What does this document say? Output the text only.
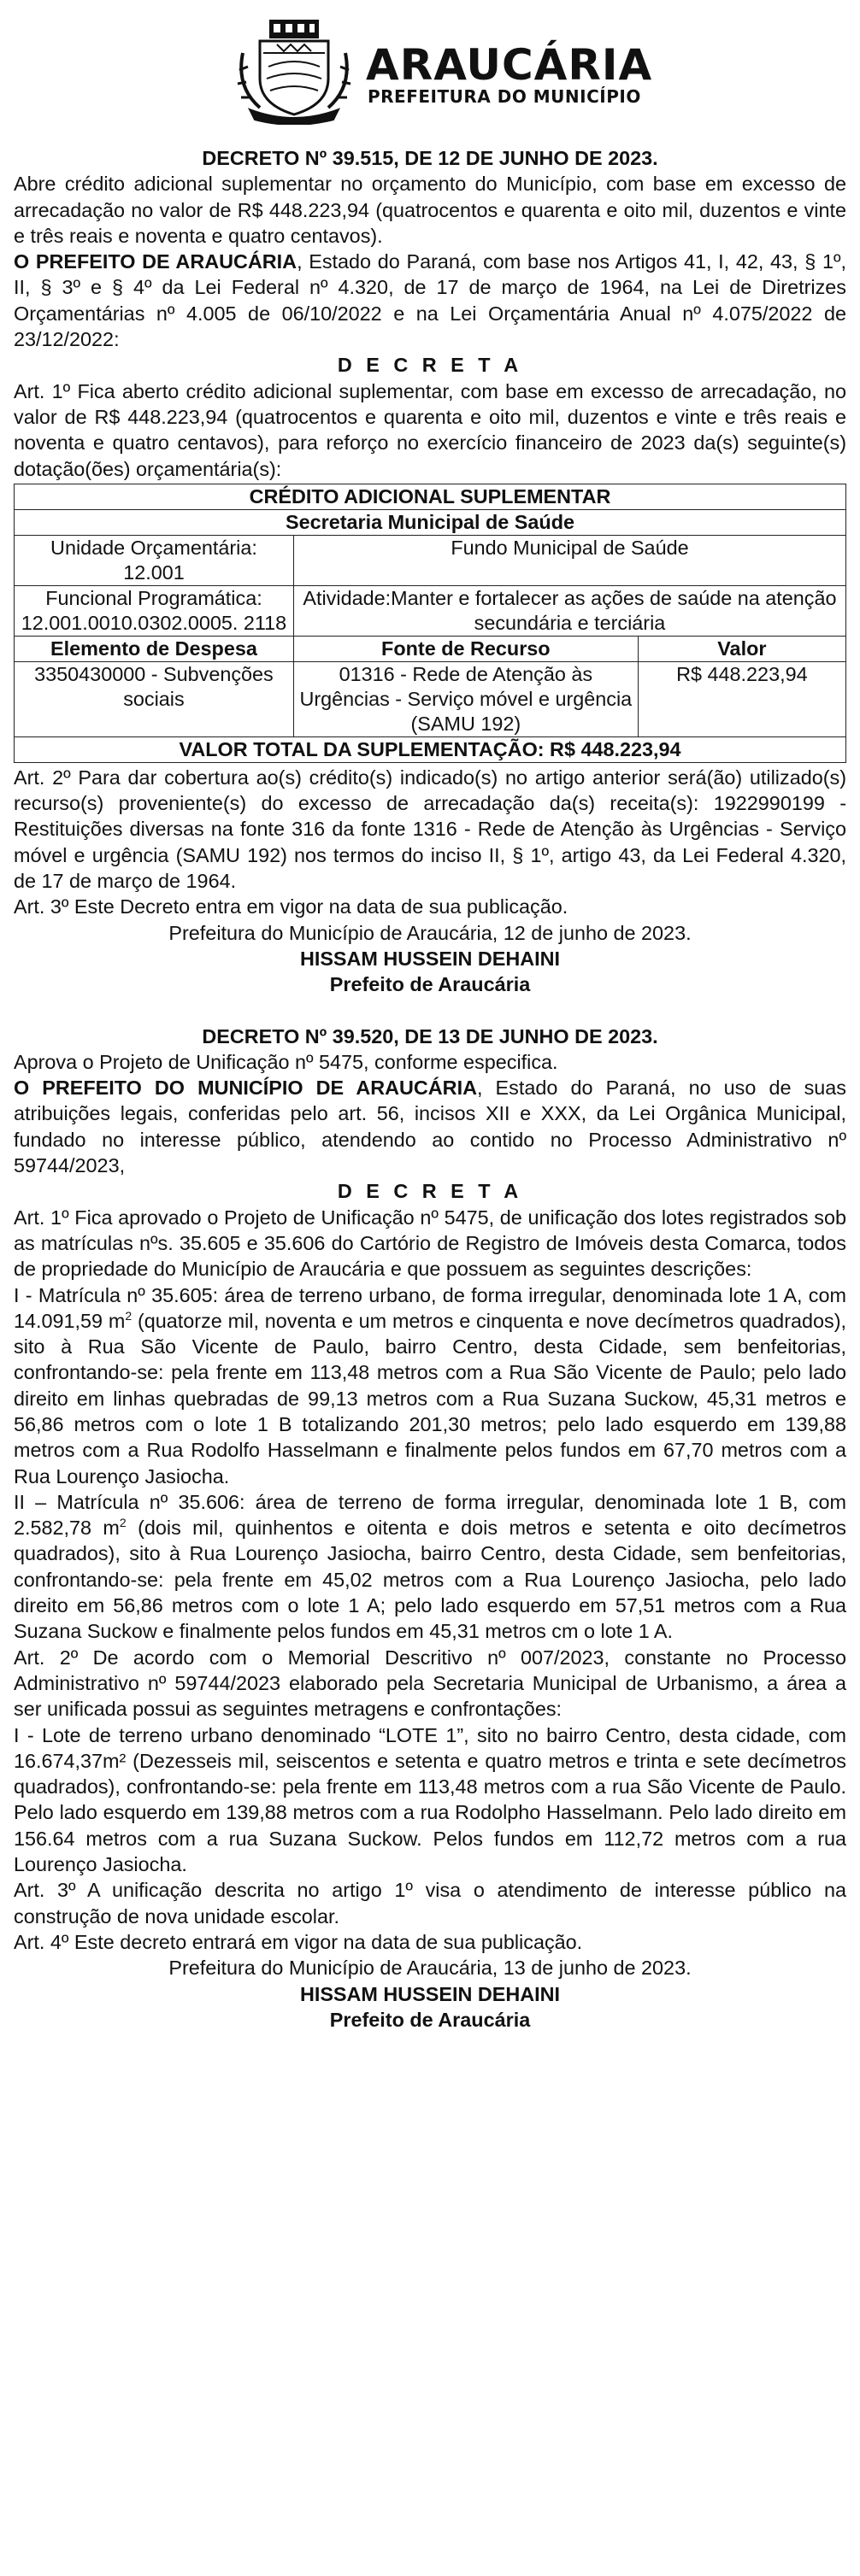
ARAUCÁRIA
PREFEITURA DO MUNICÍPIO

DECRETO Nº 39.515, DE 12 DE JUNHO DE 2023.

Abre crédito adicional suplementar no orçamento do Município, com base em excesso de arrecadação no valor de R$ 448.223,94 (quatrocentos e quarenta e oito mil, duzentos e vinte e três reais e noventa e quatro centavos).

O PREFEITO DE ARAUCÁRIA, Estado do Paraná, com base nos Artigos 41, I, 42, 43, § 1º, II, § 3º e § 4º da Lei Federal nº 4.320, de 17 de março de 1964, na Lei de Diretrizes Orçamentárias nº 4.005 de 06/10/2022 e na Lei Orçamentária Anual nº 4.075/2022 de 23/12/2022:

D E C R E T A

Art. 1º Fica aberto crédito adicional suplementar, com base em excesso de arrecadação, no valor de R$ 448.223,94 (quatrocentos e quarenta e oito mil, duzentos e vinte e três reais e noventa e quatro centavos), para reforço no exercício financeiro de 2023 da(s) seguinte(s) dotação(ões) orçamentária(s):

CRÉDITO ADICIONAL SUPLEMENTAR		
Secretaria Municipal de Saúde		
Unidade Orçamentária: 12.001	Fundo Municipal de Saúde	
Funcional Programática: 12.001.0010.0302.0005. 2118	Atividade:Manter e fortalecer as ações de saúde na atenção secundária e terciária	
Elemento de Despesa	Fonte de Recurso	Valor
3350430000 - Subvenções sociais	01316 - Rede de Atenção às Urgências - Serviço móvel e urgência (SAMU 192)	R$ 448.223,94
VALOR TOTAL DA SUPLEMENTAÇÃO: R$ 448.223,94		

Art. 2º Para dar cobertura ao(s) crédito(s) indicado(s) no artigo anterior será(ão) utilizado(s) recurso(s) proveniente(s) do excesso de arrecadação da(s) receita(s): 1922990199 - Restituições diversas na fonte 316 da fonte 1316 - Rede de Atenção às Urgências - Serviço móvel e urgência (SAMU 192) nos termos do inciso II, § 1º, artigo 43, da Lei Federal 4.320, de 17 de março de 1964.

Art. 3º Este Decreto entra em vigor na data de sua publicação.

Prefeitura do Município de Araucária, 12 de junho de 2023.

HISSAM HUSSEIN DEHAINI

Prefeito de Araucária

DECRETO Nº 39.520, DE 13 DE JUNHO DE 2023.

Aprova o Projeto de Unificação nº 5475, conforme especifica.

O PREFEITO DO MUNICÍPIO DE ARAUCÁRIA, Estado do Paraná, no uso de suas atribuições legais, conferidas pelo art. 56, incisos XII e XXX, da Lei Orgânica Municipal, fundado no interesse público, atendendo ao contido no Processo Administrativo nº 59744/2023,

D E C R E T A

Art. 1º Fica aprovado o Projeto de Unificação nº 5475, de unificação dos lotes registrados sob as matrículas nºs. 35.605 e 35.606 do Cartório de Registro de Imóveis desta Comarca, todos de propriedade do Município de Araucária e que possuem as seguintes descrições:

I - Matrícula nº 35.605: área de terreno urbano, de forma irregular, denominada lote 1 A, com 14.091,59 $m^2$ (quatorze mil, noventa e um metros e cinquenta e nove decímetros quadrados), sito à Rua São Vicente de Paulo, bairro Centro, desta Cidade, sem benfeitorias, confrontando-se: pela frente em 113,48 metros com a Rua São Vicente de Paulo; pelo lado direito em linhas quebradas de 99,13 metros com a Rua Suzana Suckow, 45,31 metros e 56,86 metros com o lote 1 B totalizando 201,30 metros; pelo lado esquerdo em 139,88 metros com a Rua Rodolfo Hasselmann e finalmente pelos fundos em 67,70 metros com a Rua Lourenço Jasiocha.

II – Matrícula nº 35.606: área de terreno de forma irregular, denominada lote 1 B, com 2.582,78 $m^2$ (dois mil, quinhentos e oitenta e dois metros e setenta e oito decímetros quadrados), sito à Rua Lourenço Jasiocha, bairro Centro, desta Cidade, sem benfeitorias, confrontando-se: pela frente em 45,02 metros com a Rua Lourenço Jasiocha, pelo lado direito em 56,86 metros com o lote 1 A; pelo lado esquerdo em 57,51 metros com a Rua Suzana Suckow e finalmente pelos fundos em 45,31 metros cm o lote 1 A.

Art. 2º De acordo com o Memorial Descritivo nº 007/2023, constante no Processo Administrativo nº 59744/2023 elaborado pela Secretaria Municipal de Urbanismo, a área a ser unificada possui as seguintes metragens e confrontações:

I - Lote de terreno urbano denominado “LOTE 1”, sito no bairro Centro, desta cidade, com 16.674,37m² (Dezesseis mil, seiscentos e setenta e quatro metros e trinta e sete decímetros quadrados), confrontando-se: pela frente em 113,48 metros com a rua São Vicente de Paulo. Pelo lado esquerdo em 139,88 metros com a rua Rodolpho Hasselmann. Pelo lado direito em 156.64 metros com a rua Suzana Suckow. Pelos fundos em 112,72 metros com a rua Lourenço Jasiocha.

Art. 3º A unificação descrita no artigo 1º visa o atendimento de interesse público na construção de nova unidade escolar.

Art. 4º Este decreto entrará em vigor na data de sua publicação.

Prefeitura do Município de Araucária, 13 de junho de 2023.

HISSAM HUSSEIN DEHAINI

Prefeito de Araucária
